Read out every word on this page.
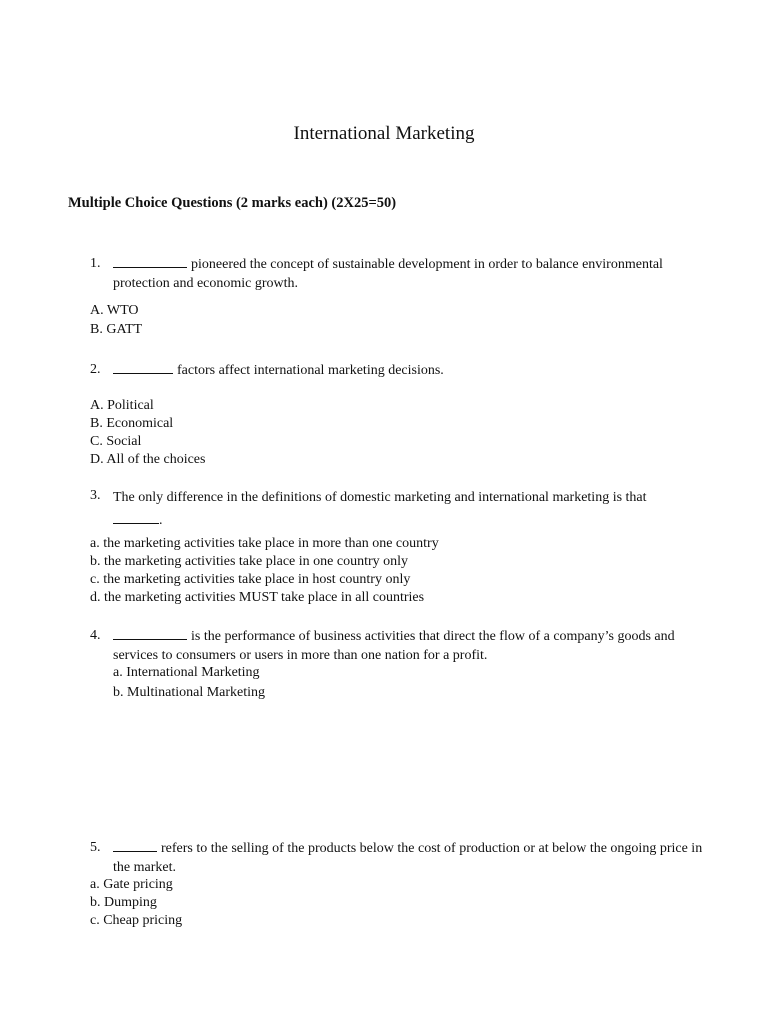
International Marketing
Multiple Choice Questions (2 marks each) (2X25=50)
1.	pioneered the concept of sustainable development in order to balance environmental protection and economic growth.
A. WTO
B. GATT
2.	factors affect international marketing decisions.
A. Political
B. Economical
C. Social
D. All of the choices
3. The only difference in the definitions of domestic marketing and international marketing is that
.
a. the marketing activities take place in more than one country
b. the marketing activities take place in one country only
c. the marketing activities take place in host country only
d. the marketing activities MUST take place in all countries
4.	is the performance of business activities that direct the flow of a company’s goods and services to consumers or users in more than one nation for a profit.
a. International Marketing
b. Multinational Marketing
5.	refers to the selling of the products below the cost of production or at below the ongoing price in the market.
a. Gate pricing
b. Dumping
c. Cheap pricing
